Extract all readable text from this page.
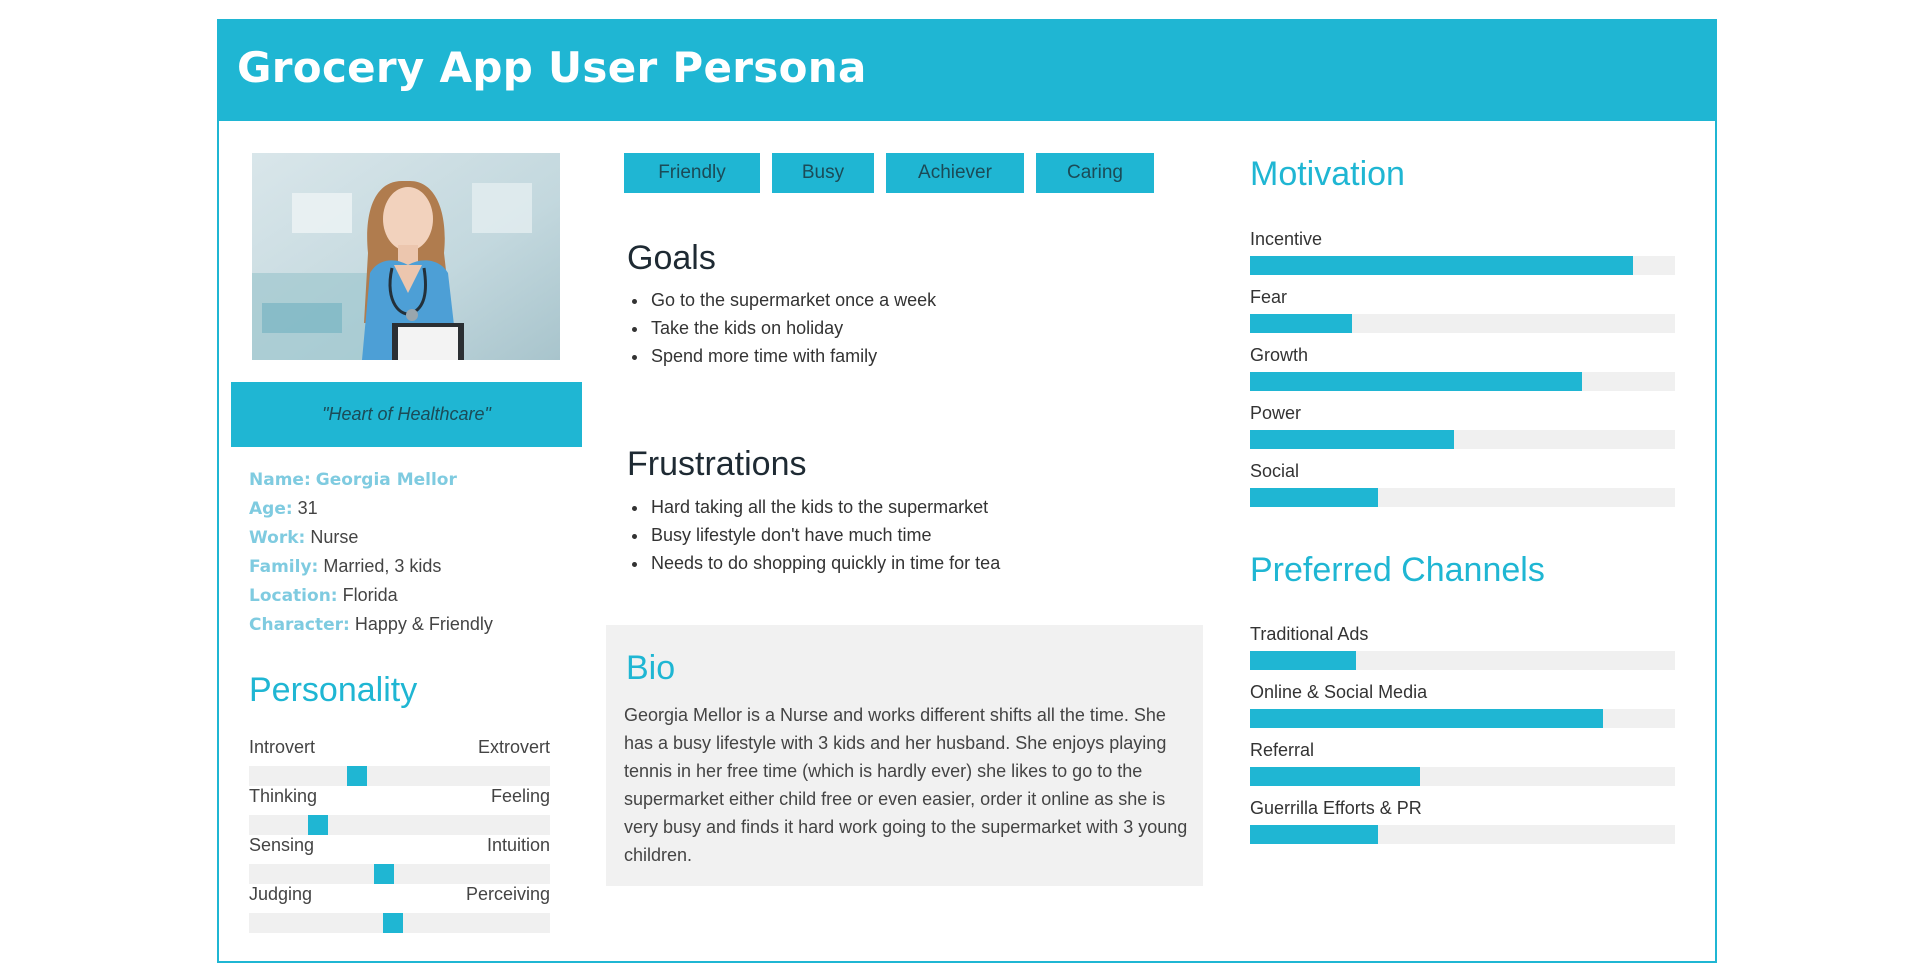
Grocery App User Persona
"Heart of Healthcare"
Name: Georgia Mellor
Age: 31
Work: Nurse
Family: Married, 3 kids
Location: Florida
Character: Happy & Friendly
Personality
Introvert	Extrovert
Thinking	Feeling
Sensing	Intuition
Judging	Perceiving
Friendly	Busy	Achiever	Caring
Goals
• Go to the supermarket once a week
• Take the kids on holiday
• Spend more time with family
Frustrations
• Hard taking all the kids to the supermarket
• Busy lifestyle don't have much time
• Needs to do shopping quickly in time for tea
Bio
Georgia Mellor is a Nurse and works different shifts all the time. She has a busy lifestyle with 3 kids and her husband. She enjoys playing tennis in her free time (which is hardly ever) she likes to go to the supermarket either child free or even easier, order it online as she is very busy and finds it hard work going to the supermarket with 3 young children.
Motivation
Incentive
Fear
Growth
Power
Social
Preferred Channels
Traditional Ads
Online & Social Media
Referral
Guerrilla Efforts & PR
